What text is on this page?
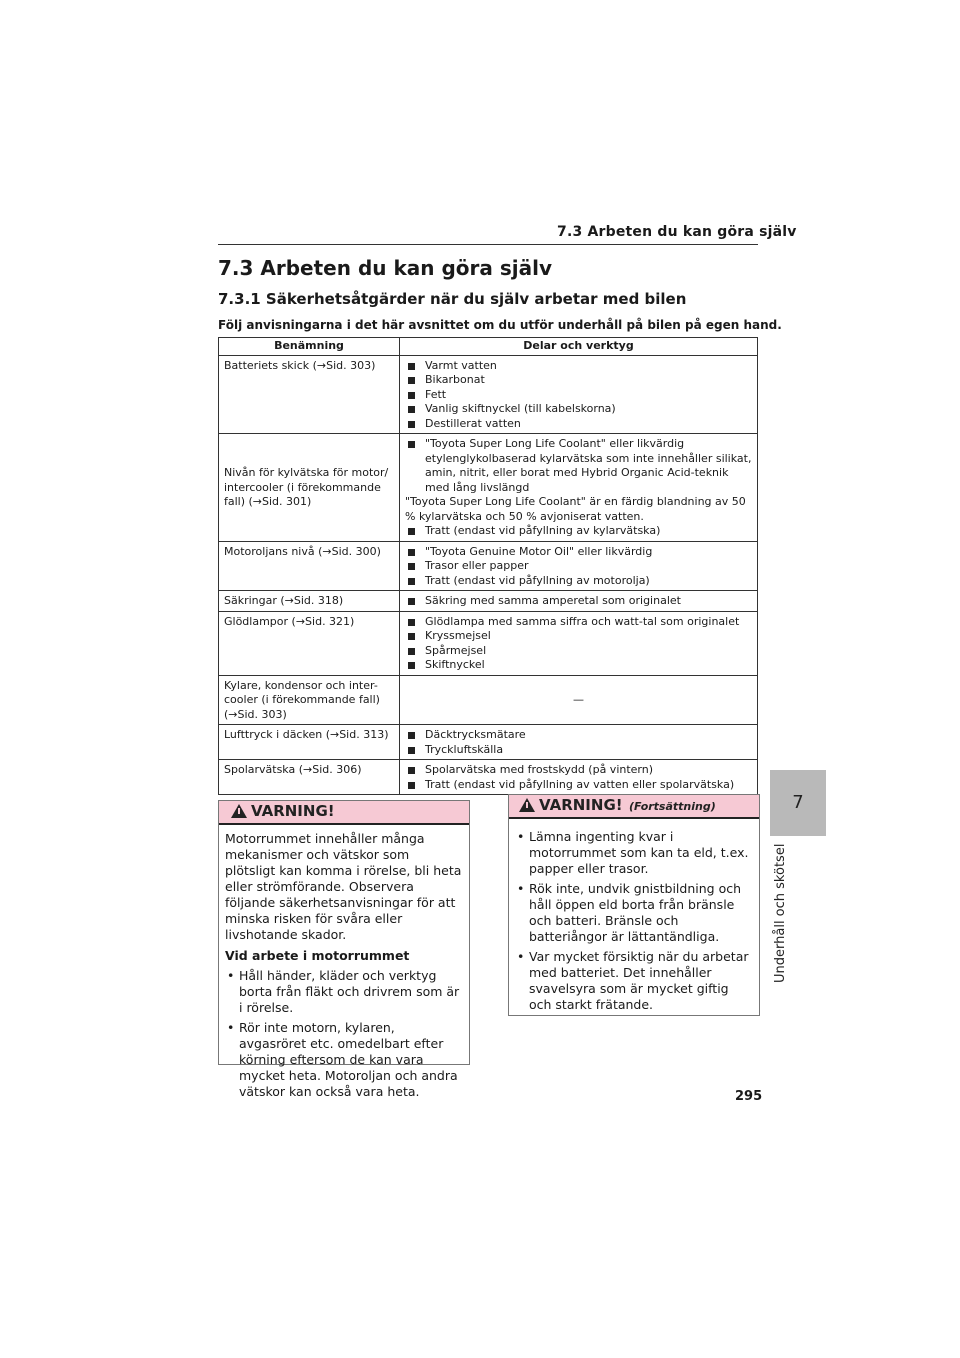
7.3 Arbeten du kan göra själv
7.3 Arbeten du kan göra själv
7.3.1 Säkerhetsåtgärder när du själv arbetar med bilen

Följ anvisningarna i det här avsnittet om du utför underhåll på bilen på egen hand.

Benämning	Delar och verktyg
Batteriets skick (→Sid. 303)	Varmt vatten
Bikarbonat
Fett
Vanlig skiftnyckel (till kabelskorna)
Destillerat vatten

Nivån för kylvätska för motor/ intercooler (i förekommande fall) (→Sid. 301)	"Toyota Super Long Life Coolant" eller likvärdig etylenglykolbaserad kylarvätska som inte innehåller silikat, amin, nitrit, eller borat med Hybrid Organic Acid-teknik med lång livslängd
"Toyota Super Long Life Coolant" är en färdig blandning av 50 % kylarvätska och 50 % avjoniserat vatten.
Tratt (endast vid påfyllning av kylarvätska)

Motoroljans nivå (→Sid. 300)	"Toyota Genuine Motor Oil" eller likvärdig
Trasor eller papper
Tratt (endast vid påfyllning av motorolja)

Säkringar (→Sid. 318)	Säkring med samma amperetal som originalet

Glödlampor (→Sid. 321)	Glödlampa med samma siffra och watt-tal som originalet
Kryssmejsel
Spårmejsel
Skiftnyckel

Kylare, kondensor och inter- cooler (i förekommande fall) (→Sid. 303)	—
Lufttryck i däcken (→Sid. 313)	Däcktrycksmätare
Tryckluftskälla

Spolarvätska (→Sid. 306)	Spolarvätska med frostskydd (på vintern)
Tratt (endast vid påfyllning av vatten eller spolarvätska)
7
Underhåll och skötsel
VARNING!

Motorrummet innehåller många mekanismer och vätskor som plötsligt kan komma i rörelse, bli heta eller strömförande. Observera följande säkerhetsanvisningar för att minska risken för svåra eller livshotande skador.

Vid arbete i motorrummet

• Håll händer, kläder och verktyg borta från fläkt och drivrem som är i rörelse.
• Rör inte motorn, kylaren, avgasröret etc. omedelbart efter körning eftersom de kan vara mycket heta. Motoroljan och andra vätskor kan också vara heta.
VARNING! (Fortsättning)
• Lämna ingenting kvar i motorrummet som kan ta eld, t.ex. papper eller trasor.
• Rök inte, undvik gnistbildning och håll öppen eld borta från bränsle och batteri. Bränsle och batteriångor är lättantändliga.
• Var mycket försiktig när du arbetar med batteriet. Det innehåller svavelsyra som är mycket giftig och starkt frätande.
295
